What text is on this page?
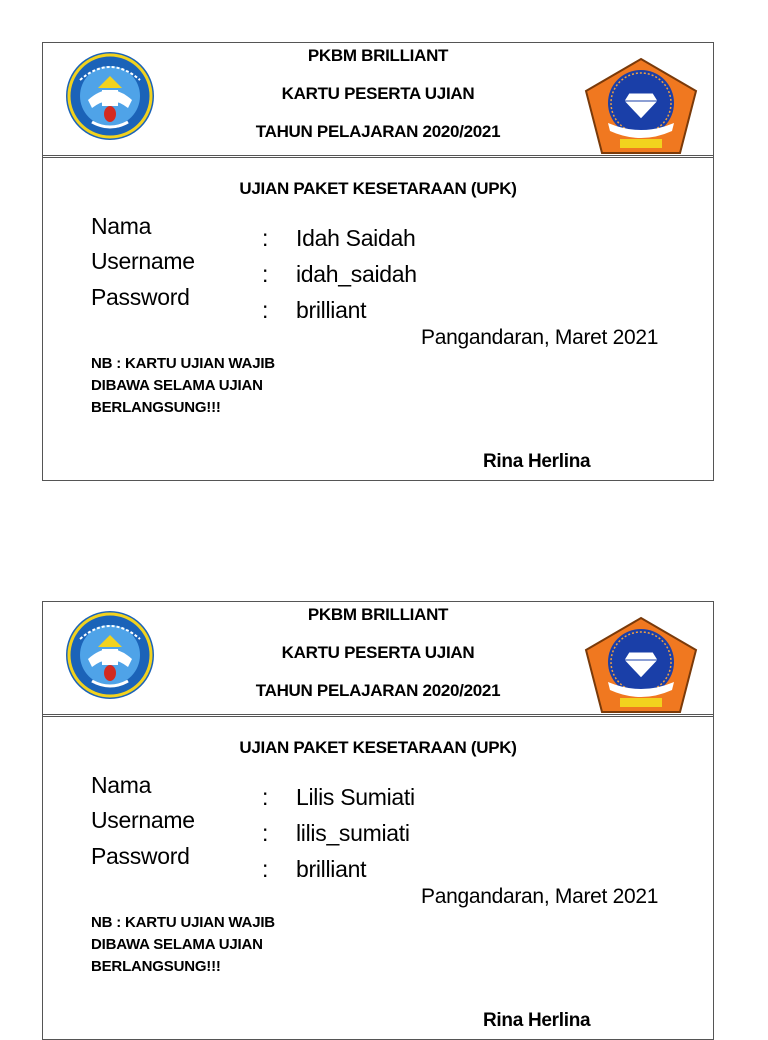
PKBM BRILLIANT
KARTU PESERTA UJIAN
TAHUN PELAJARAN 2020/2021
UJIAN PAKET KESETARAAN (UPK)
Nama
Username
Password
:
:
:
Idah Saidah
idah_saidah
brilliant
Pangandaran, Maret 2021
NB : KARTU UJIAN WAJIB DIBAWA SELAMA UJIAN BERLANGSUNG!!!
Rina Herlina
PKBM BRILLIANT
KARTU PESERTA UJIAN
TAHUN PELAJARAN 2020/2021
UJIAN PAKET KESETARAAN (UPK)
Nama
Username
Password
:
:
:
Lilis Sumiati
lilis_sumiati
brilliant
Pangandaran, Maret 2021
NB : KARTU UJIAN WAJIB DIBAWA SELAMA UJIAN BERLANGSUNG!!!
Rina Herlina
